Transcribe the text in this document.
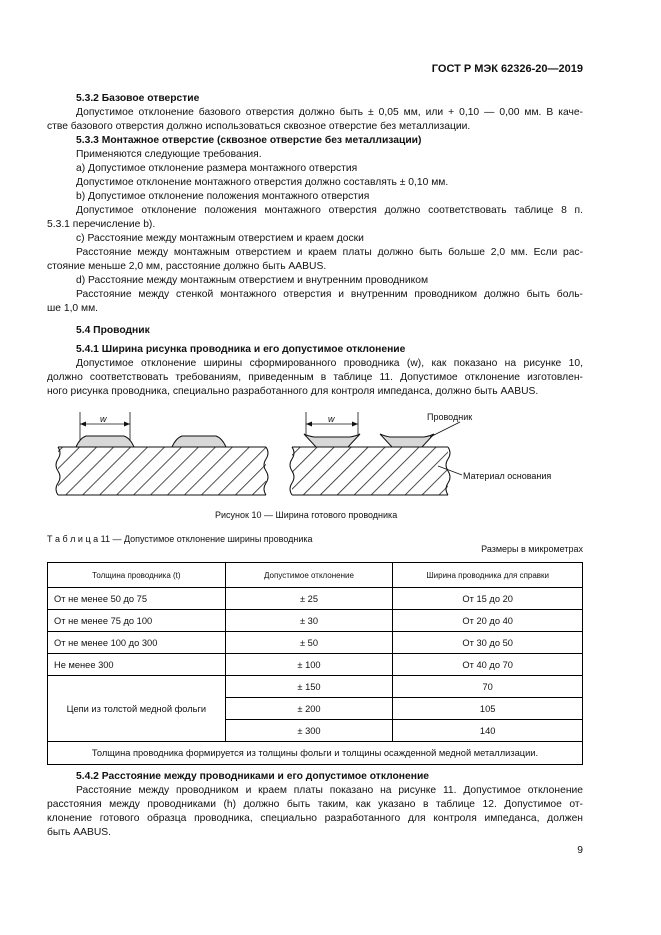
ГОСТ Р МЭК 62326-20—2019
5.3.2 Базовое отверстие
Допустимое отклонение базового отверстия должно быть ± 0,05 мм, или + 0,10 — 0,00 мм. В каче-
стве базового отверстия должно использоваться сквозное отверстие без металлизации.
5.3.3 Монтажное отверстие (сквозное отверстие без металлизации)
Применяются следующие требования.
a) Допустимое отклонение размера монтажного отверстия
Допустимое отклонение монтажного отверстия должно составлять ± 0,10 мм.
b) Допустимое отклонение положения монтажного отверстия
Допустимое отклонение положения монтажного отверстия должно соответствовать таблице 8 п.
5.3.1 перечисление b).
c) Расстояние между монтажным отверстием и краем доски
Расстояние между монтажным отверстием и краем платы должно быть больше 2,0 мм. Если рас-
стояние меньше 2,0 мм, расстояние должно быть AABUS.
d) Расстояние между монтажным отверстием и внутренним проводником
Расстояние между стенкой монтажного отверстия и внутренним проводником должно быть боль-
ше 1,0 мм.
5.4 Проводник
5.4.1 Ширина рисунка проводника и его допустимое отклонение
Допустимое отклонение ширины сформированного проводника (w), как показано на рисунке 10,
должно соответствовать требованиям, приведенным в таблице 11. Допустимое отклонение изготовлен-
ного рисунка проводника, специально разработанного для контроля импеданса, должно быть AABUS.
w	w	Проводник
Материал основания
Рисунок 10 — Ширина готового проводника
Т а б л и ц а 11 — Допустимое отклонение ширины проводника
Размеры в микрометрах
Толщина проводника (t)	Допустимое отклонение	Ширина проводника для справки
От не менее 50 до 75	± 25	От 15 до 20
От не менее 75 до 100	± 30	От 20 до 40
От не менее 100 до 300	± 50	От 30 до 50
Не менее 300	± 100	От 40 до 70
Цепи из толстой медной фольги	± 150	70
	± 200	105
	± 300	140
Толщина проводника формируется из толщины фольги и толщины осажденной медной металлизации.		
5.4.2 Расстояние между проводниками и его допустимое отклонение
Расстояние между проводником и краем платы показано на рисунке 11. Допустимое отклонение
расстояния между проводниками (h) должно быть таким, как указано в таблице 12. Допустимое от-
клонение готового образца проводника, специально разработанного для контроля импеданса, должен
быть AABUS.
9
